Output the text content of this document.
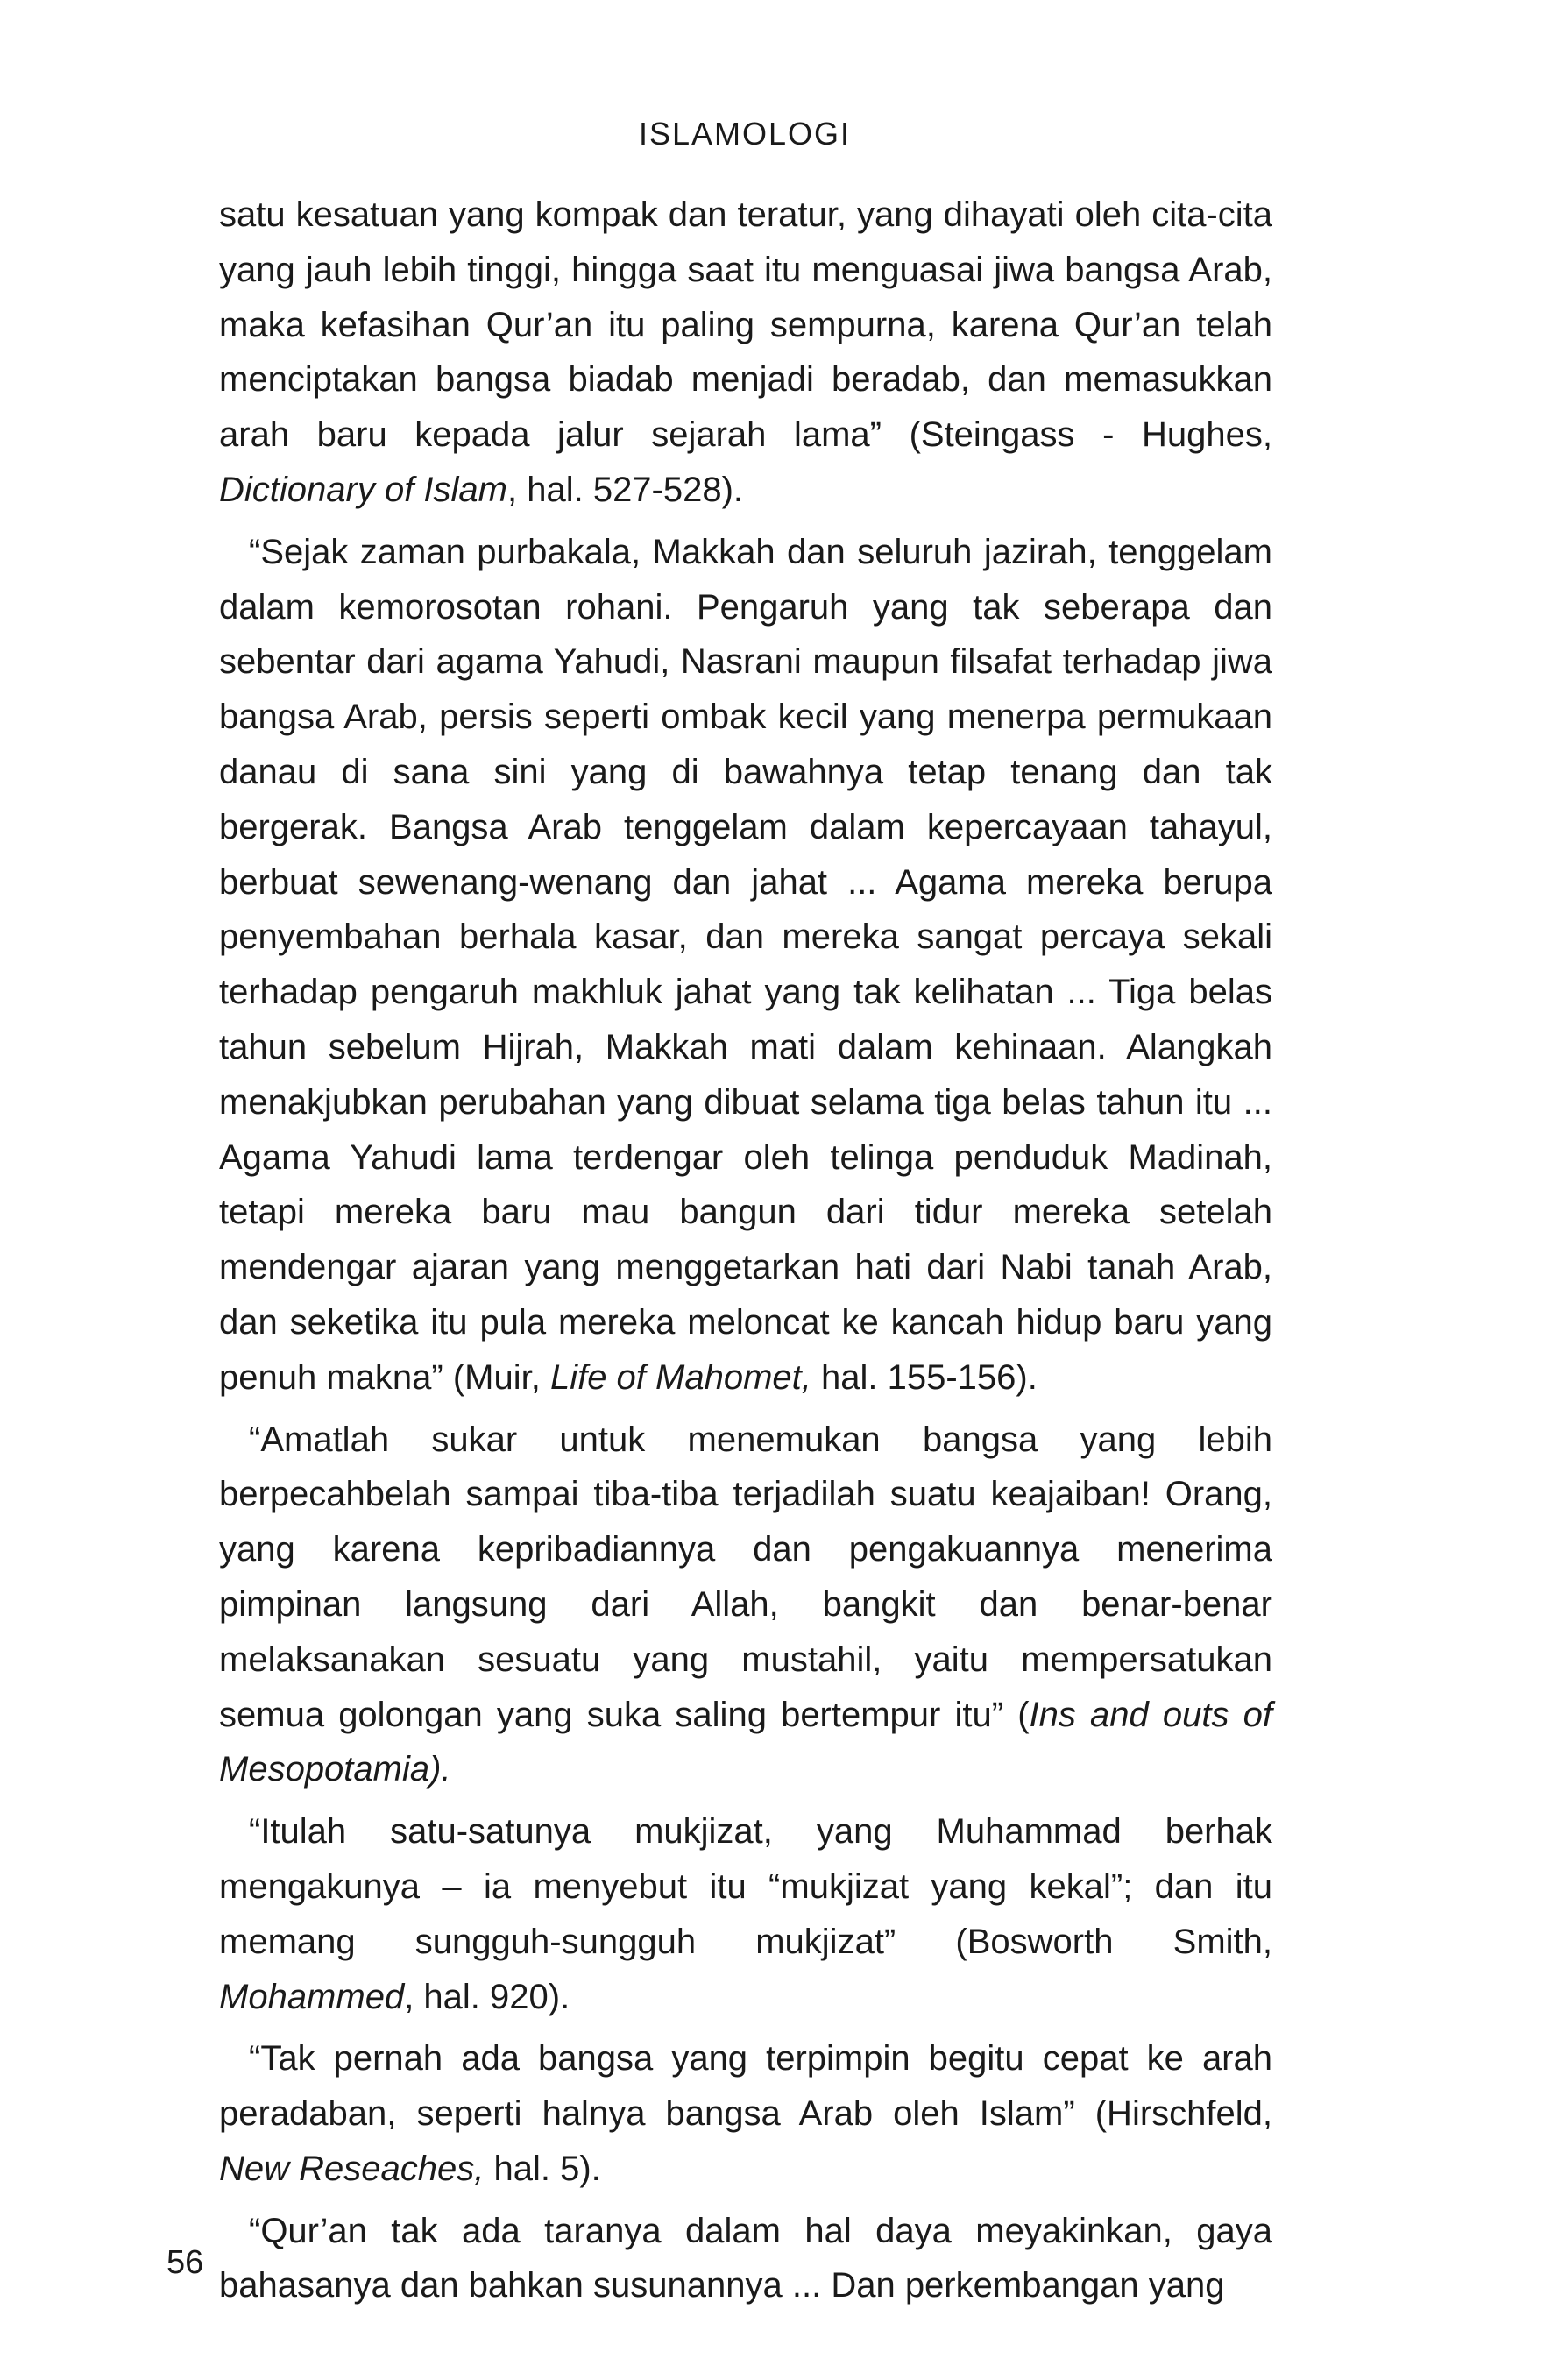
ISLAMOLOGI

satu kesatuan yang kompak dan teratur, yang dihayati oleh cita-cita yang jauh lebih tinggi, hingga saat itu menguasai jiwa bangsa Arab, maka kefasihan Qur’an itu paling sempurna, karena Qur’an telah menciptakan bangsa biadab menjadi beradab, dan memasukkan arah baru kepada jalur sejarah lama” (Steingass - Hughes, Dictionary of Islam, hal. 527-528).

“Sejak zaman purbakala, Makkah dan seluruh jazirah, tenggelam dalam kemorosotan rohani. Pengaruh yang tak seberapa dan sebentar dari agama Yahudi, Nasrani maupun filsafat terhadap jiwa bangsa Arab, persis seperti ombak kecil yang menerpa permukaan danau di sana sini yang di bawahnya tetap tenang dan tak bergerak. Bangsa Arab tenggelam dalam kepercayaan tahayul, berbuat sewenang-wenang dan jahat ... Agama mereka berupa penyembahan berhala kasar, dan mereka sangat percaya sekali terhadap pengaruh makhluk jahat yang tak kelihatan ... Tiga belas tahun sebelum Hijrah, Makkah mati dalam kehinaan. Alangkah menakjubkan perubahan yang dibuat selama tiga belas tahun itu ... Agama Yahudi lama terdengar oleh telinga penduduk Madinah, tetapi mereka baru mau bangun dari tidur mereka setelah mendengar ajaran yang menggetarkan hati dari Nabi tanah Arab, dan seketika itu pula mereka meloncat ke kancah hidup baru yang penuh makna” (Muir, Life of Mahomet, hal. 155-156).

“Amatlah sukar untuk menemukan bangsa yang lebih berpecahbelah sampai tiba-tiba terjadilah suatu keajaiban! Orang, yang karena kepribadiannya dan pengakuannya menerima pimpinan langsung dari Allah, bangkit dan benar-benar melaksanakan sesuatu yang mustahil, yaitu mempersatukan semua golongan yang suka saling bertempur itu” (Ins and outs of Mesopotamia).

“Itulah satu-satunya mukjizat, yang Muhammad berhak mengakunya – ia menyebut itu “mukjizat yang kekal”; dan itu memang sungguh-sungguh mukjizat” (Bosworth Smith, Mohammed, hal. 920).

“Tak pernah ada bangsa yang terpimpin begitu cepat ke arah peradaban, seperti halnya bangsa Arab oleh Islam” (Hirschfeld, New Reseaches, hal. 5).

“Qur’an tak ada taranya dalam hal daya meyakinkan, gaya bahasanya dan bahkan susunannya ... Dan perkembangan yang

56
